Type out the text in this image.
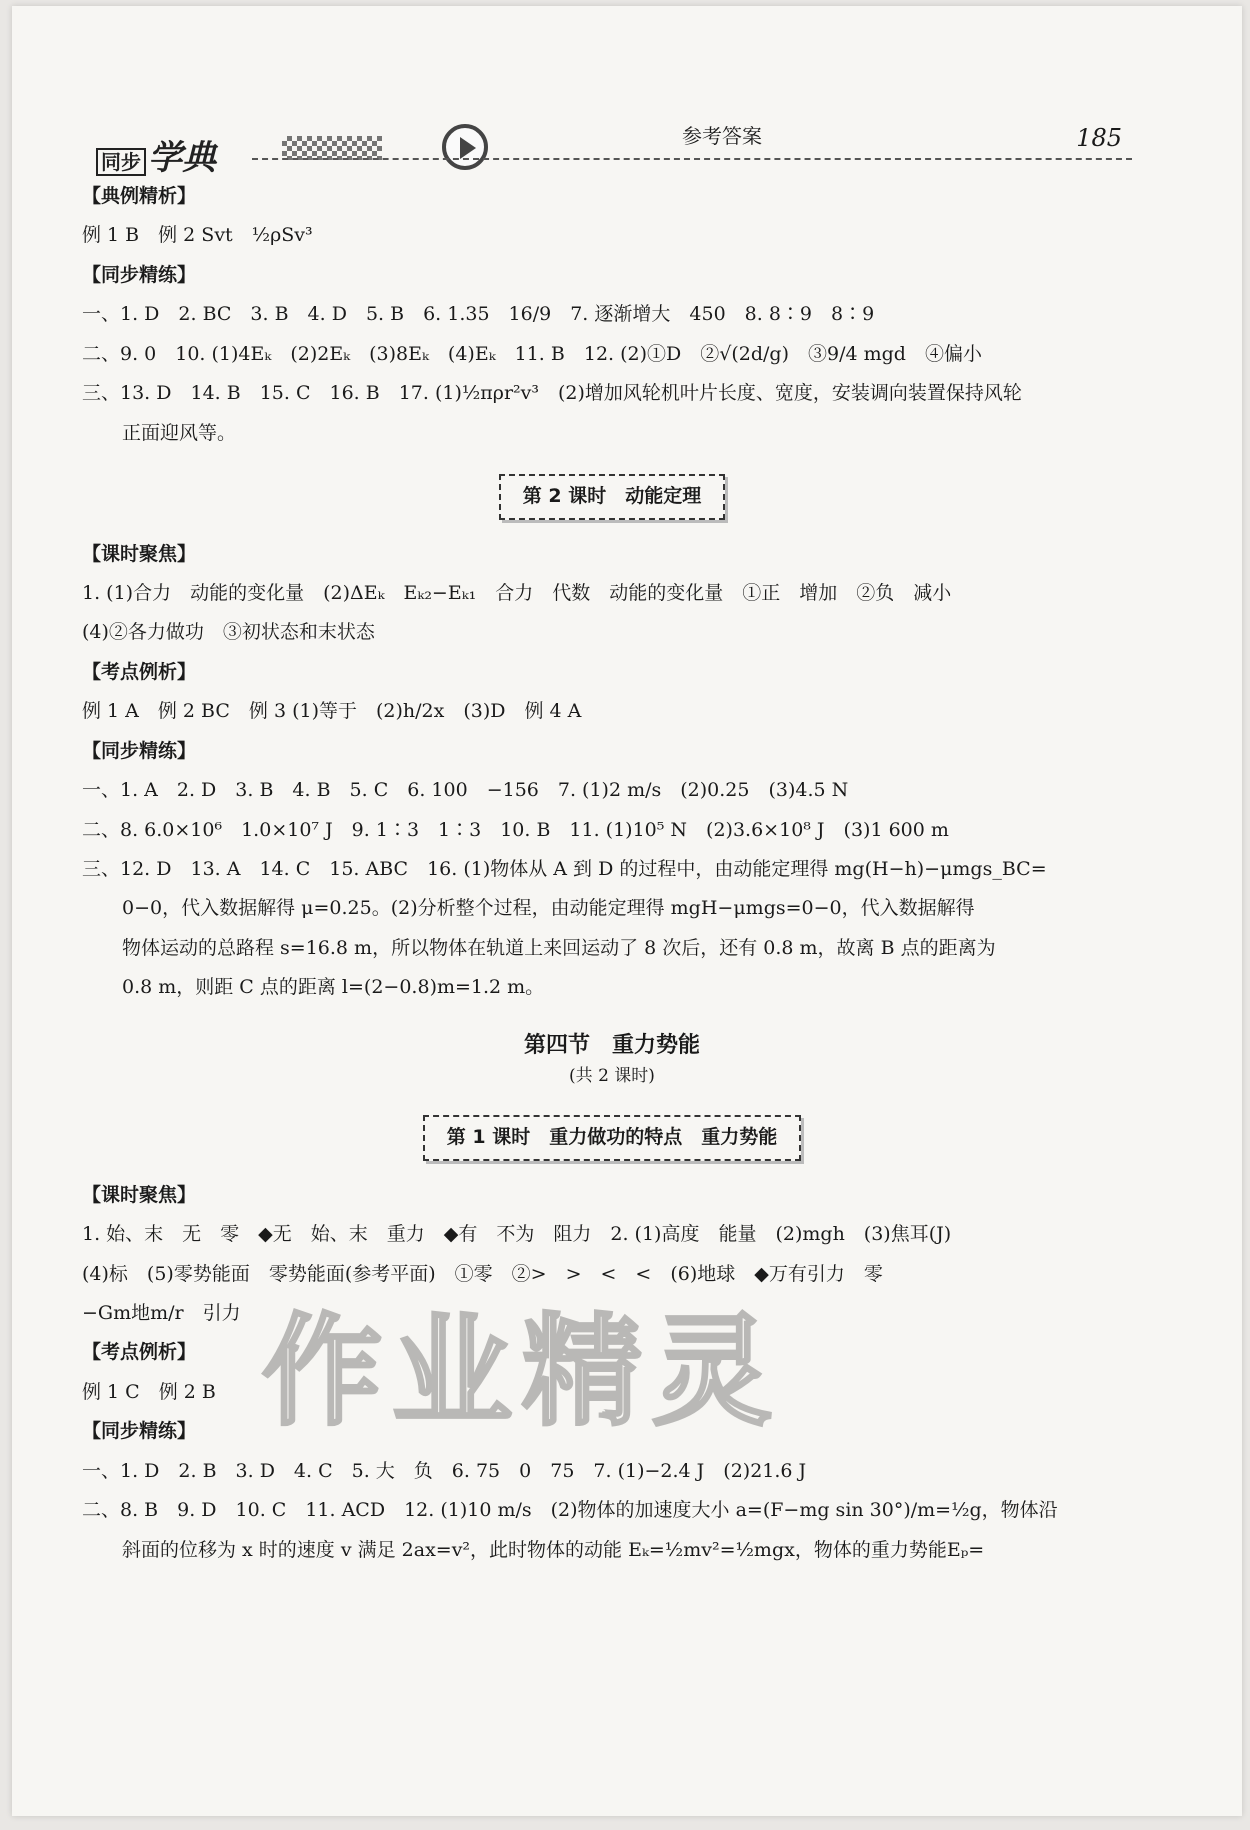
同步 学典
参考答案	185
【典例精析】
例 1 B　例 2 Svt　½ρSv³
【同步精练】
一、1. D　2. BC　3. B　4. D　5. B　6. 1.35　16/9　7. 逐渐增大　450　8. 8∶9　8∶9
二、9. 0　10. (1)4Eₖ　(2)2Eₖ　(3)8Eₖ　(4)Eₖ　11. B　12. (2)①D　②√(2d/g)　③9/4 mgd　④偏小
三、13. D　14. B　15. C　16. B　17. (1)½πρr²v³　(2)增加风轮机叶片长度、宽度，安装调向装置保持风轮
正面迎风等。
第 2 课时　动能定理
【课时聚焦】
1. (1)合力　动能的变化量　(2)ΔEₖ　Eₖ₂−Eₖ₁　合力　代数　动能的变化量　①正　增加　②负　减小
(4)②各力做功　③初状态和末状态
【考点例析】
例 1 A　例 2 BC　例 3 (1)等于　(2)h/2x　(3)D　例 4 A
【同步精练】
一、1. A　2. D　3. B　4. B　5. C　6. 100　−156　7. (1)2 m/s　(2)0.25　(3)4.5 N
二、8. 6.0×10⁶　1.0×10⁷ J　9. 1∶3　1∶3　10. B　11. (1)10⁵ N　(2)3.6×10⁸ J　(3)1 600 m
三、12. D　13. A　14. C　15. ABC　16. (1)物体从 A 到 D 的过程中，由动能定理得 mg(H−h)−μmgs_BC=
0−0，代入数据解得 μ=0.25。(2)分析整个过程，由动能定理得 mgH−μmgs=0−0，代入数据解得
物体运动的总路程 s=16.8 m，所以物体在轨道上来回运动了 8 次后，还有 0.8 m，故离 B 点的距离为
0.8 m，则距 C 点的距离 l=(2−0.8)m=1.2 m。
第四节　重力势能
(共 2 课时)
第 1 课时　重力做功的特点　重力势能
【课时聚焦】
1. 始、末　无　零　◆无　始、末　重力　◆有　不为　阻力　2. (1)高度　能量　(2)mgh　(3)焦耳(J)
(4)标　(5)零势能面　零势能面(参考平面)　①零　②>　>　<　<　(6)地球　◆万有引力　零
−Gm地m/r　引力
【考点例析】
例 1 C　例 2 B
【同步精练】
一、1. D　2. B　3. D　4. C　5. 大　负　6. 75　0　75　7. (1)−2.4 J　(2)21.6 J
二、8. B　9. D　10. C　11. ACD　12. (1)10 m/s　(2)物体的加速度大小 a=(F−mg sin 30°)/m=½g，物体沿
斜面的位移为 x 时的速度 v 满足 2ax=v²，此时物体的动能 Eₖ=½mv²=½mgx，物体的重力势能Eₚ=
作业精灵
